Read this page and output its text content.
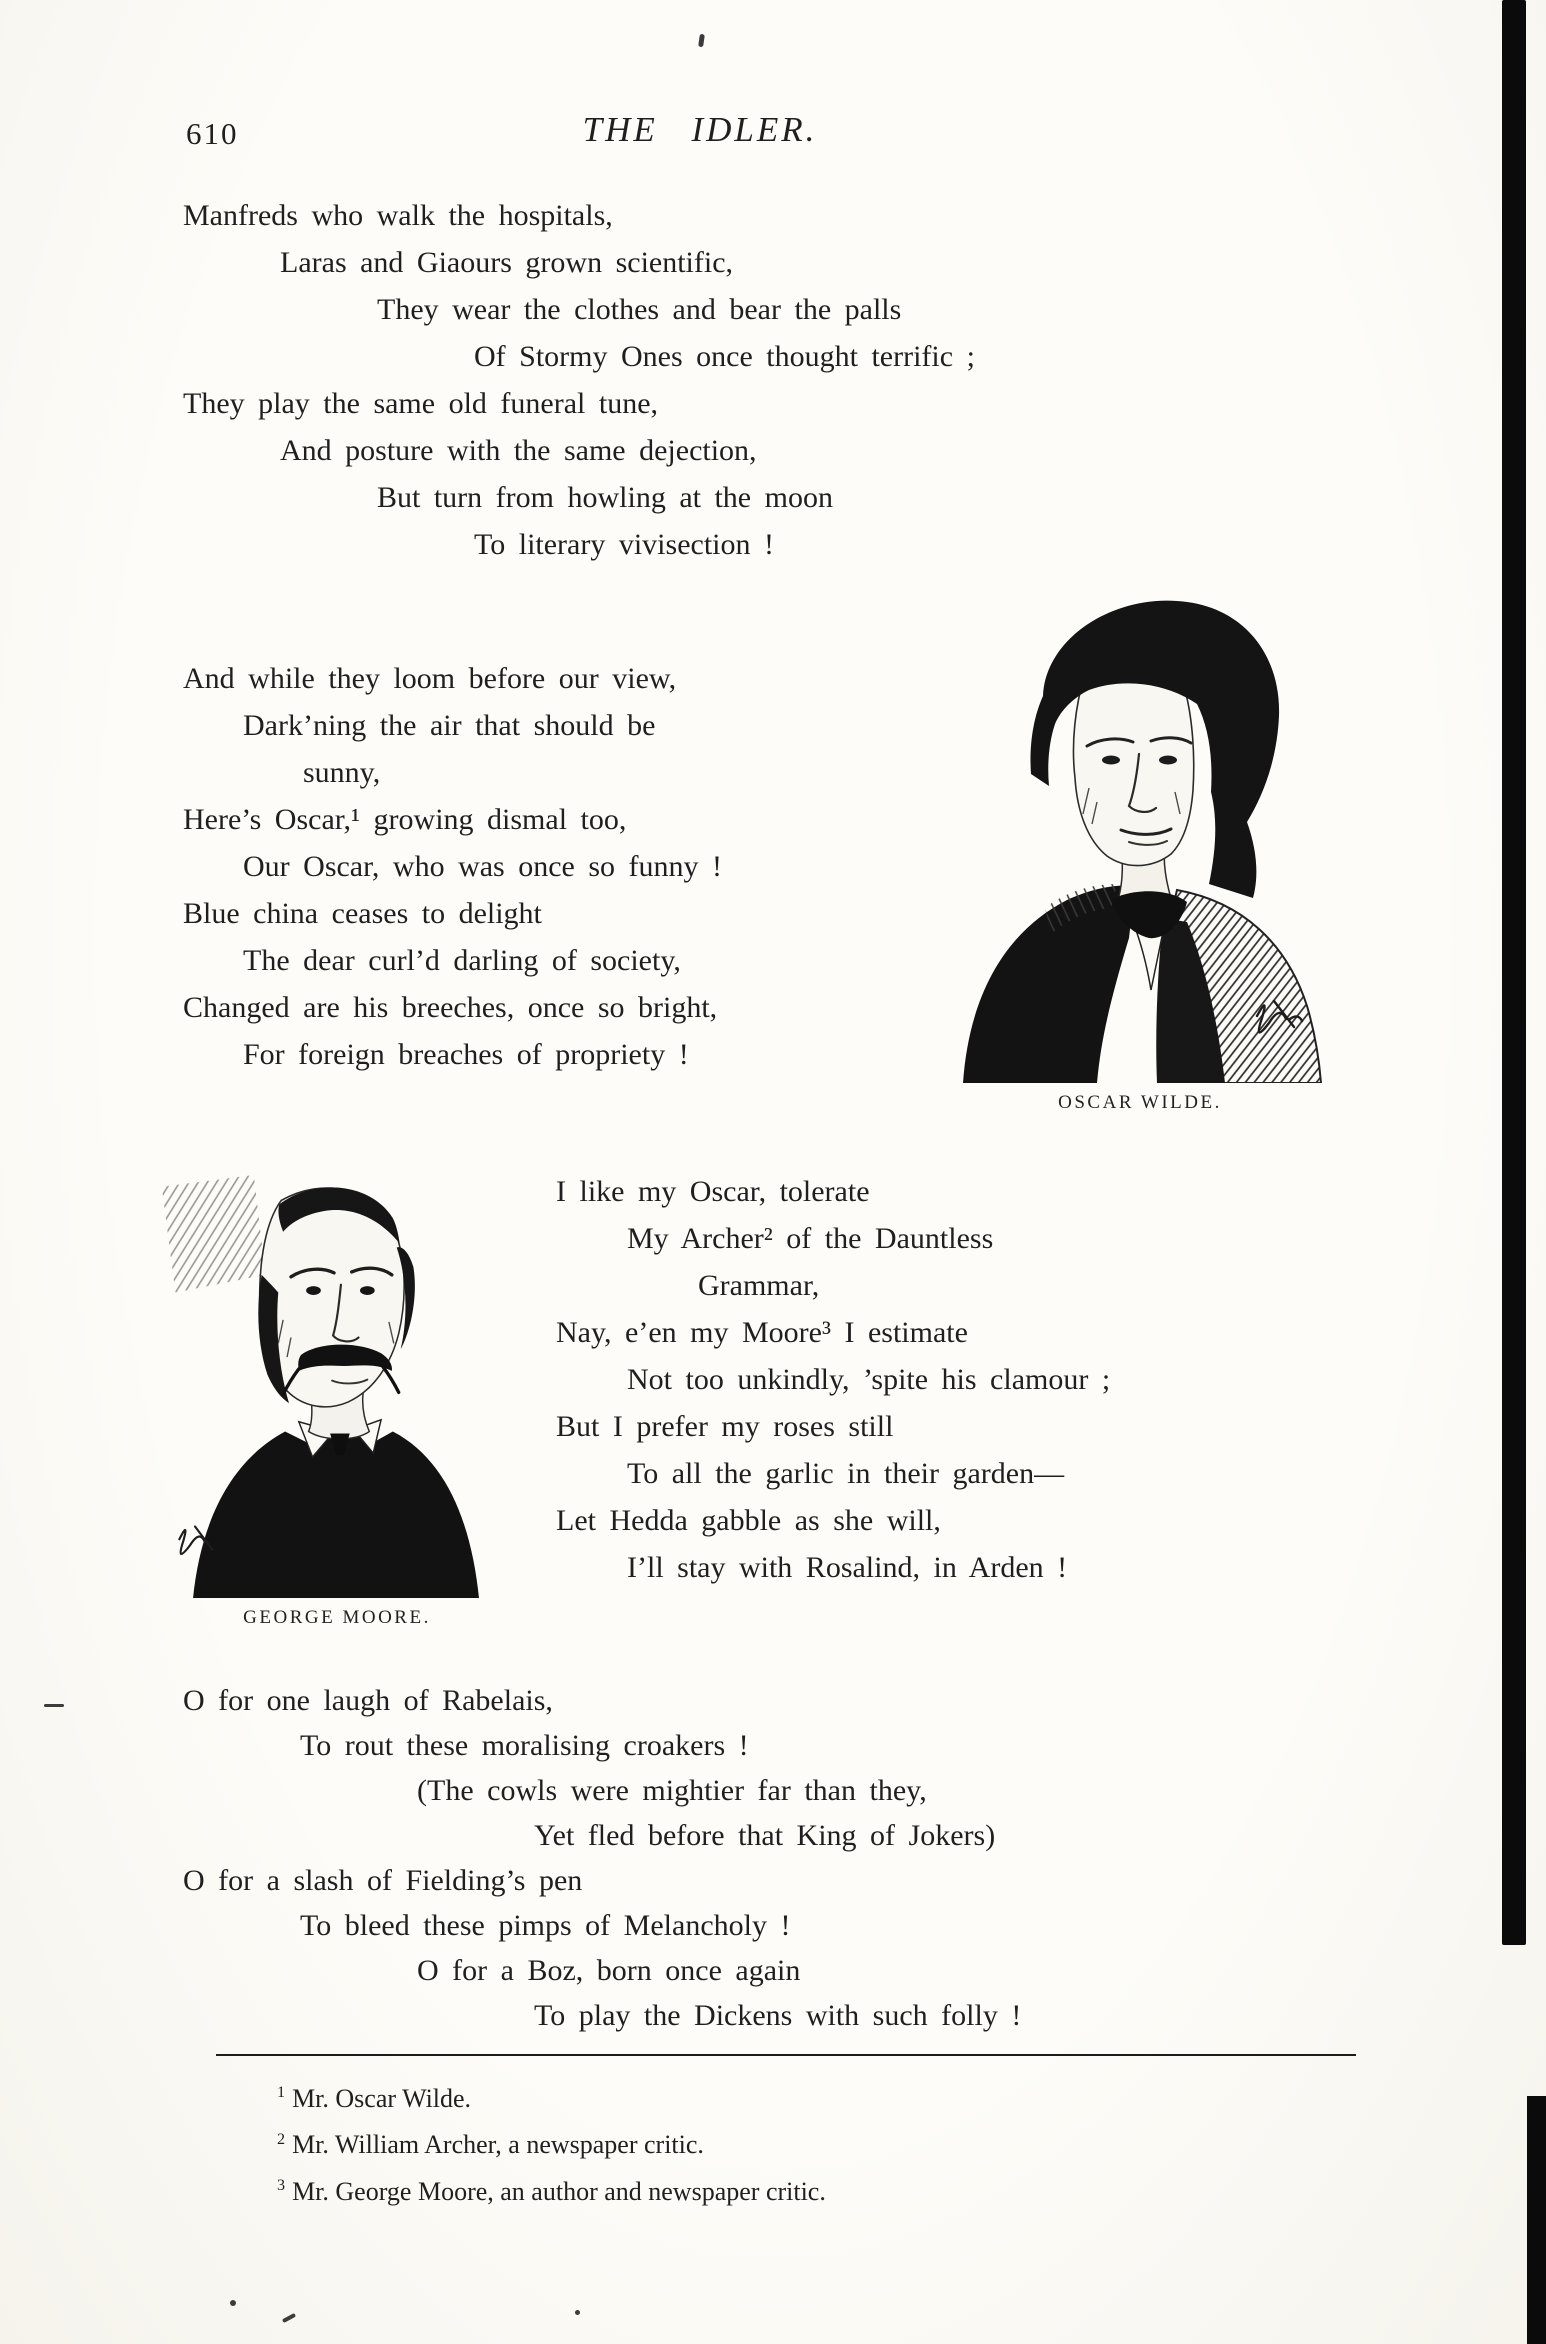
610	THE IDLER.
Manfreds who walk the hospitals,
Laras and Giaours grown scientific,
They wear the clothes and bear the palls
Of Stormy Ones once thought terrific ;
They play the same old funeral tune,
And posture with the same dejection,
But turn from howling at the moon
To literary vivisection !
And while they loom before our view,
Dark’ning the air that should be
sunny,
Here’s Oscar,¹ growing dismal too,
Our Oscar, who was once so funny !
Blue china ceases to delight
The dear curl’d darling of society,
Changed are his breeches, once so bright,
For foreign breaches of propriety !
OSCAR WILDE.
GEORGE MOORE.
I like my Oscar, tolerate
My Archer² of the Dauntless
Grammar,
Nay, e’en my Moore³ I estimate
Not too unkindly, ’spite his clamour ;
But I prefer my roses still
To all the garlic in their garden—
Let Hedda gabble as she will,
I’ll stay with Rosalind, in Arden !
O for one laugh of Rabelais,
To rout these moralising croakers !
(The cowls were mightier far than they,
Yet fled before that King of Jokers)
O for a slash of Fielding’s pen
To bleed these pimps of Melancholy !
O for a Boz, born once again
To play the Dickens with such folly !
$^1$ Mr. Oscar Wilde.
$^2$ Mr. William Archer, a newspaper critic.
$^3$ Mr. George Moore, an author and newspaper critic.
